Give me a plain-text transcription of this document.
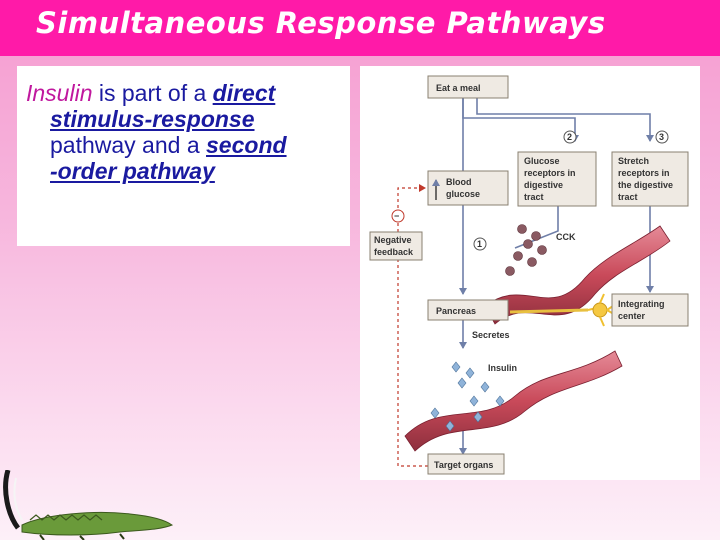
Simultaneous Response Pathways
Insulin is part of a direct
stimulus-response
pathway and a second
-order pathway
Eat a meal
Blood
glucose
Glucose
receptors in
digestive
tract
Stretch
receptors in
the digestive
tract
Negative
feedback
Pancreas
Integrating
center
Target organs
CCK
Secretes
Insulin
1
2	3
−
